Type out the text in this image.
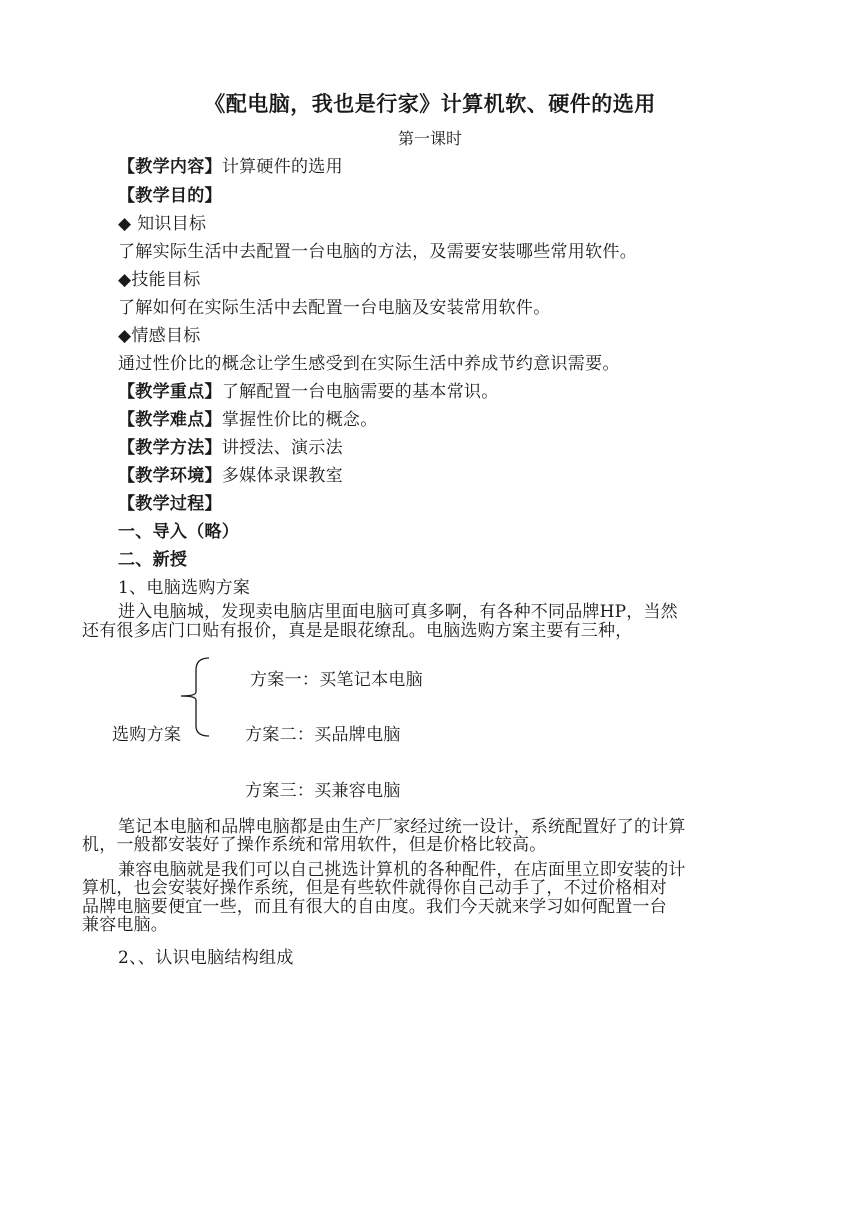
《配电脑，我也是行家》计算机软、硬件的选用
第一课时
【教学内容】计算硬件的选用
【教学目的】
◆ 知识目标
了解实际生活中去配置一台电脑的方法，及需要安装哪些常用软件。
◆技能目标
了解如何在实际生活中去配置一台电脑及安装常用软件。
◆情感目标
通过性价比的概念让学生感受到在实际生活中养成节约意识需要。
【教学重点】了解配置一台电脑需要的基本常识。
【教学难点】掌握性价比的概念。
【教学方法】讲授法、演示法
【教学环境】多媒体录课教室
【教学过程】
一、导入（略）
二、新授
1、电脑选购方案
进入电脑城，发现卖电脑店里面电脑可真多啊，有各种不同品牌HP，当然
还有很多店门口贴有报价，真是是眼花缭乱。电脑选购方案主要有三种，
选购方案
方案一：买笔记本电脑
方案二：买品牌电脑
方案三：买兼容电脑
笔记本电脑和品牌电脑都是由生产厂家经过统一设计，系统配置好了的计算
机，一般都安装好了操作系统和常用软件，但是价格比较高。
兼容电脑就是我们可以自己挑选计算机的各种配件，在店面里立即安装的计
算机，也会安装好操作系统，但是有些软件就得你自己动手了，不过价格相对
品牌电脑要便宜一些，而且有很大的自由度。我们今天就来学习如何配置一台
兼容电脑。
2、、认识电脑结构组成
